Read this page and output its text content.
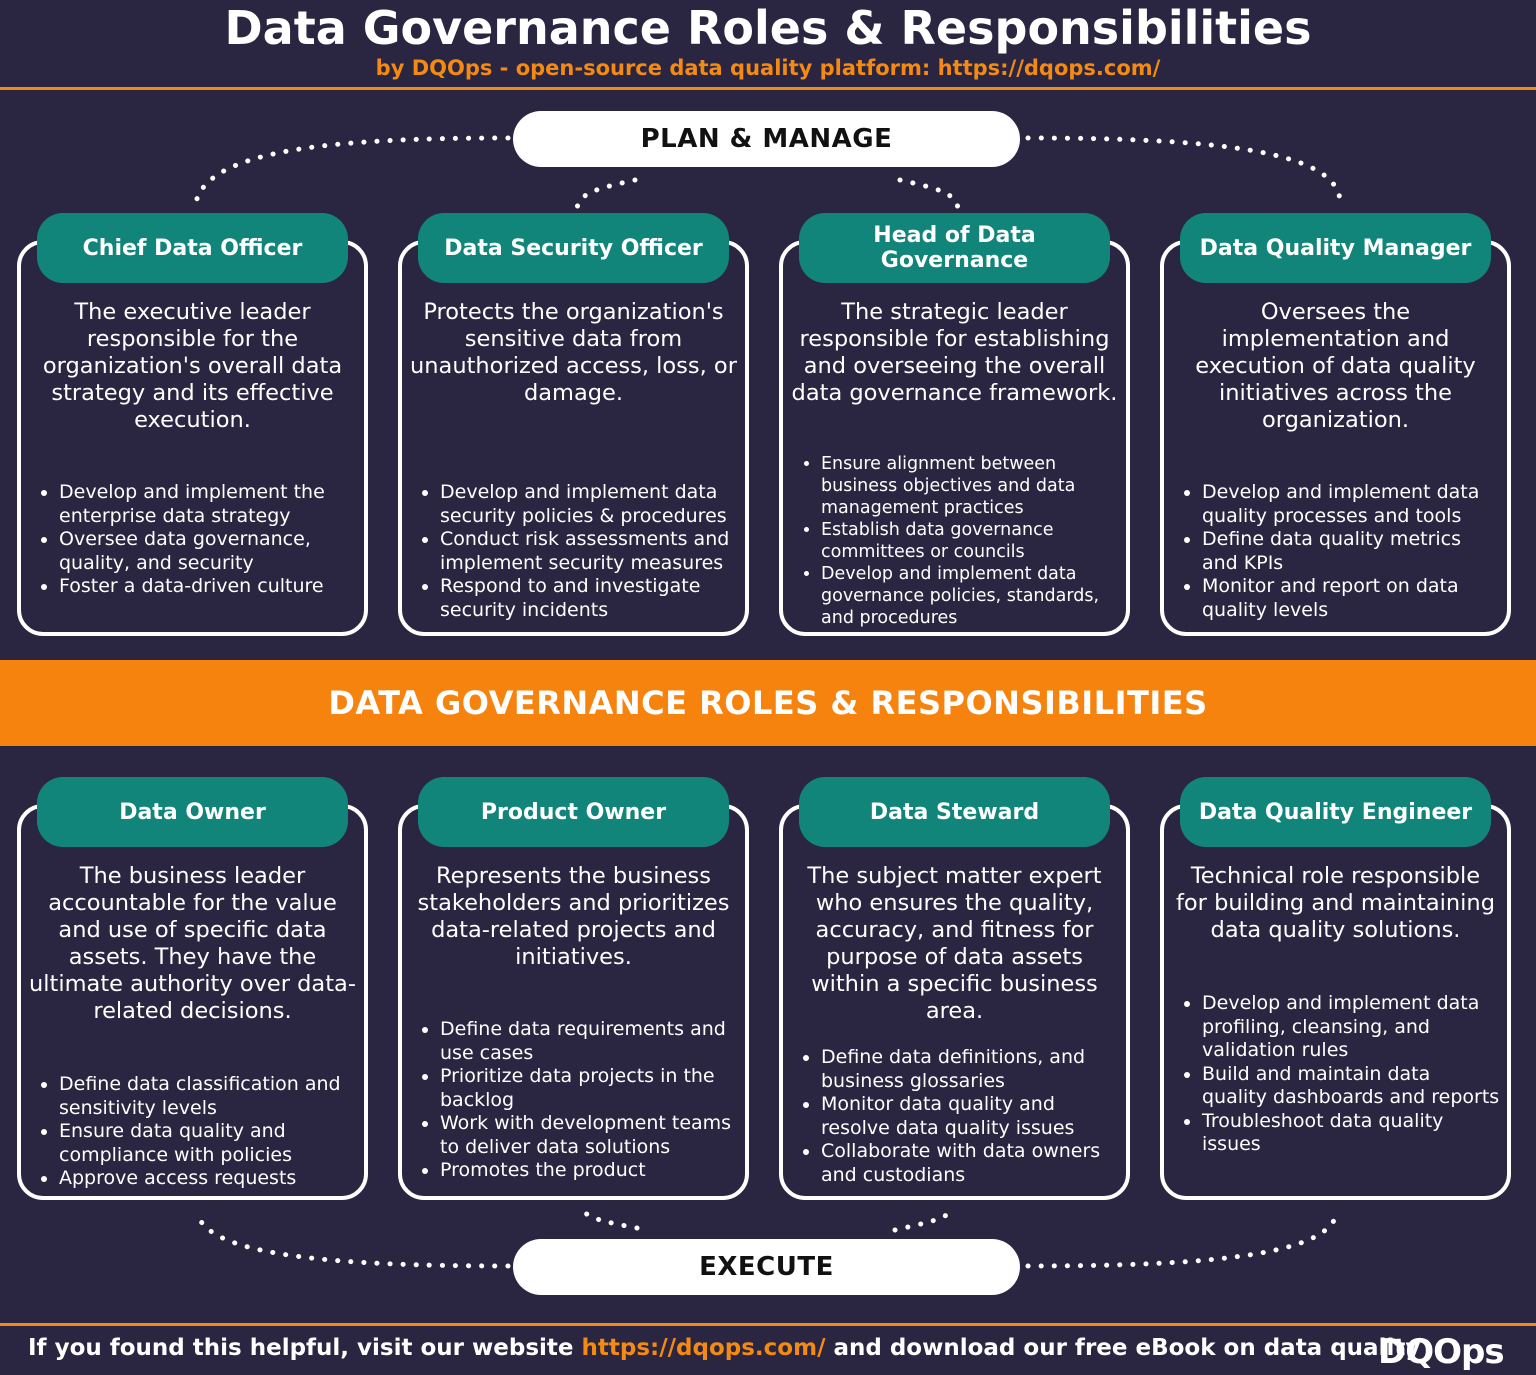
Data Governance Roles & Responsibilities
by DQOps - open-source data quality platform: https://dqops.com/
PLAN & MANAGE
Chief Data Officer
The executive leader responsible for the organization's overall data strategy and its effective execution.
• Develop and implement the enterprise data strategy
• Oversee data governance, quality, and security
• Foster a data-driven culture
Data Security Officer
Protects the organization's sensitive data from unauthorized access, loss, or damage.
• Develop and implement data security policies & procedures
• Conduct risk assessments and implement security measures
• Respond to and investigate security incidents
Head of Data Governance
The strategic leader responsible for establishing and overseeing the overall data governance framework.
• Ensure alignment between business objectives and data management practices
• Establish data governance committees or councils
• Develop and implement data governance policies, standards, and procedures
Data Quality Manager
Oversees the implementation and execution of data quality initiatives across the organization.
• Develop and implement data quality processes and tools
• Define data quality metrics and KPIs
• Monitor and report on data quality levels
DATA GOVERNANCE ROLES & RESPONSIBILITIES
Data Owner
The business leader accountable for the value and use of specific data assets. They have the ultimate authority over data-related decisions.
• Define data classification and sensitivity levels
• Ensure data quality and compliance with policies
• Approve access requests
Product Owner
Represents the business stakeholders and prioritizes data-related projects and initiatives.
• Define data requirements and use cases
• Prioritize data projects in the backlog
• Work with development teams to deliver data solutions
• Promotes the product
Data Steward
The subject matter expert who ensures the quality, accuracy, and fitness for purpose of data assets within a specific business area.
• Define data definitions, and business glossaries
• Monitor data quality and resolve data quality issues
• Collaborate with data owners and custodians
Data Quality Engineer
Technical role responsible for building and maintaining data quality solutions.
• Develop and implement data profiling, cleansing, and validation rules
• Build and maintain data quality dashboards and reports
• Troubleshoot data quality issues
EXECUTE
If you found this helpful, visit our website https://dqops.com/ and download our free eBook on data quality
DQOps
